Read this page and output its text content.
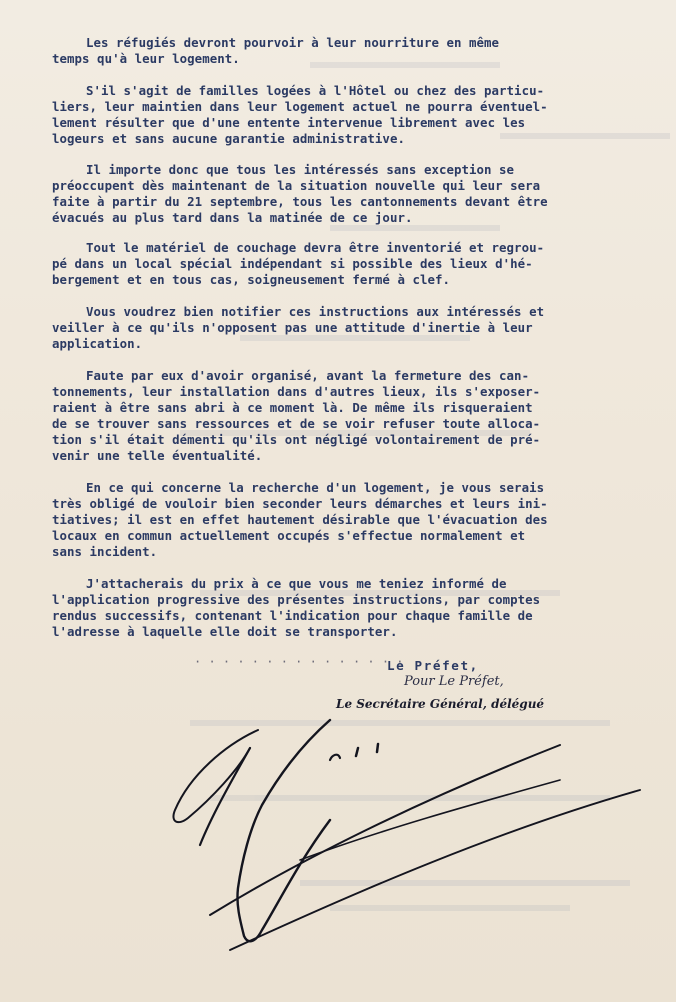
Les réfugiés devront pourvoir à leur nourriture en même
temps qu'à leur logement.
S'il s'agit de familles logées à l'Hôtel ou chez des particu-
liers, leur maintien dans leur logement actuel ne pourra éventuel-
lement résulter que d'une entente intervenue librement avec les
logeurs et sans aucune garantie administrative.
Il importe donc que tous les intéressés sans exception se
préoccupent dès maintenant de la situation nouvelle qui leur sera
faite à partir du 21 septembre, tous les cantonnements devant être
évacués au plus tard dans la matinée de ce jour.
Tout le matériel de couchage devra être inventorié et regrou-
pé dans un local spécial indépendant si possible des lieux d'hé-
bergement et en tous cas, soigneusement fermé à clef.
Vous voudrez bien notifier ces instructions aux intéressés et
veiller à ce qu'ils n'opposent pas une attitude d'inertie à leur
application.
Faute par eux d'avoir organisé, avant la fermeture des can-
tonnements, leur installation dans d'autres lieux, ils s'exposer-
raient à être sans abri à ce moment là. De même ils risqueraient
de se trouver sans ressources et de se voir refuser toute alloca-
tion s'il était démenti qu'ils ont négligé volontairement de pré-
venir une telle éventualité.
En ce qui concerne la recherche d'un logement, je vous serais
très obligé de vouloir bien seconder leurs démarches et leurs ini-
tiatives; il est en effet hautement désirable que l'évacuation des
locaux en commun actuellement occupés s'effectue normalement et
sans incident.
J'attacherais du prix à ce que vous me teniez informé de
l'application progressive des présentes instructions, par comptes
rendus successifs, contenant l'indication pour chaque famille de
l'adresse à laquelle elle doit se transporter.
· · · · · · · · · · · · · · ·
Le Préfet,
Pour Le Préfet,
Le Secrétaire Général, délégué
